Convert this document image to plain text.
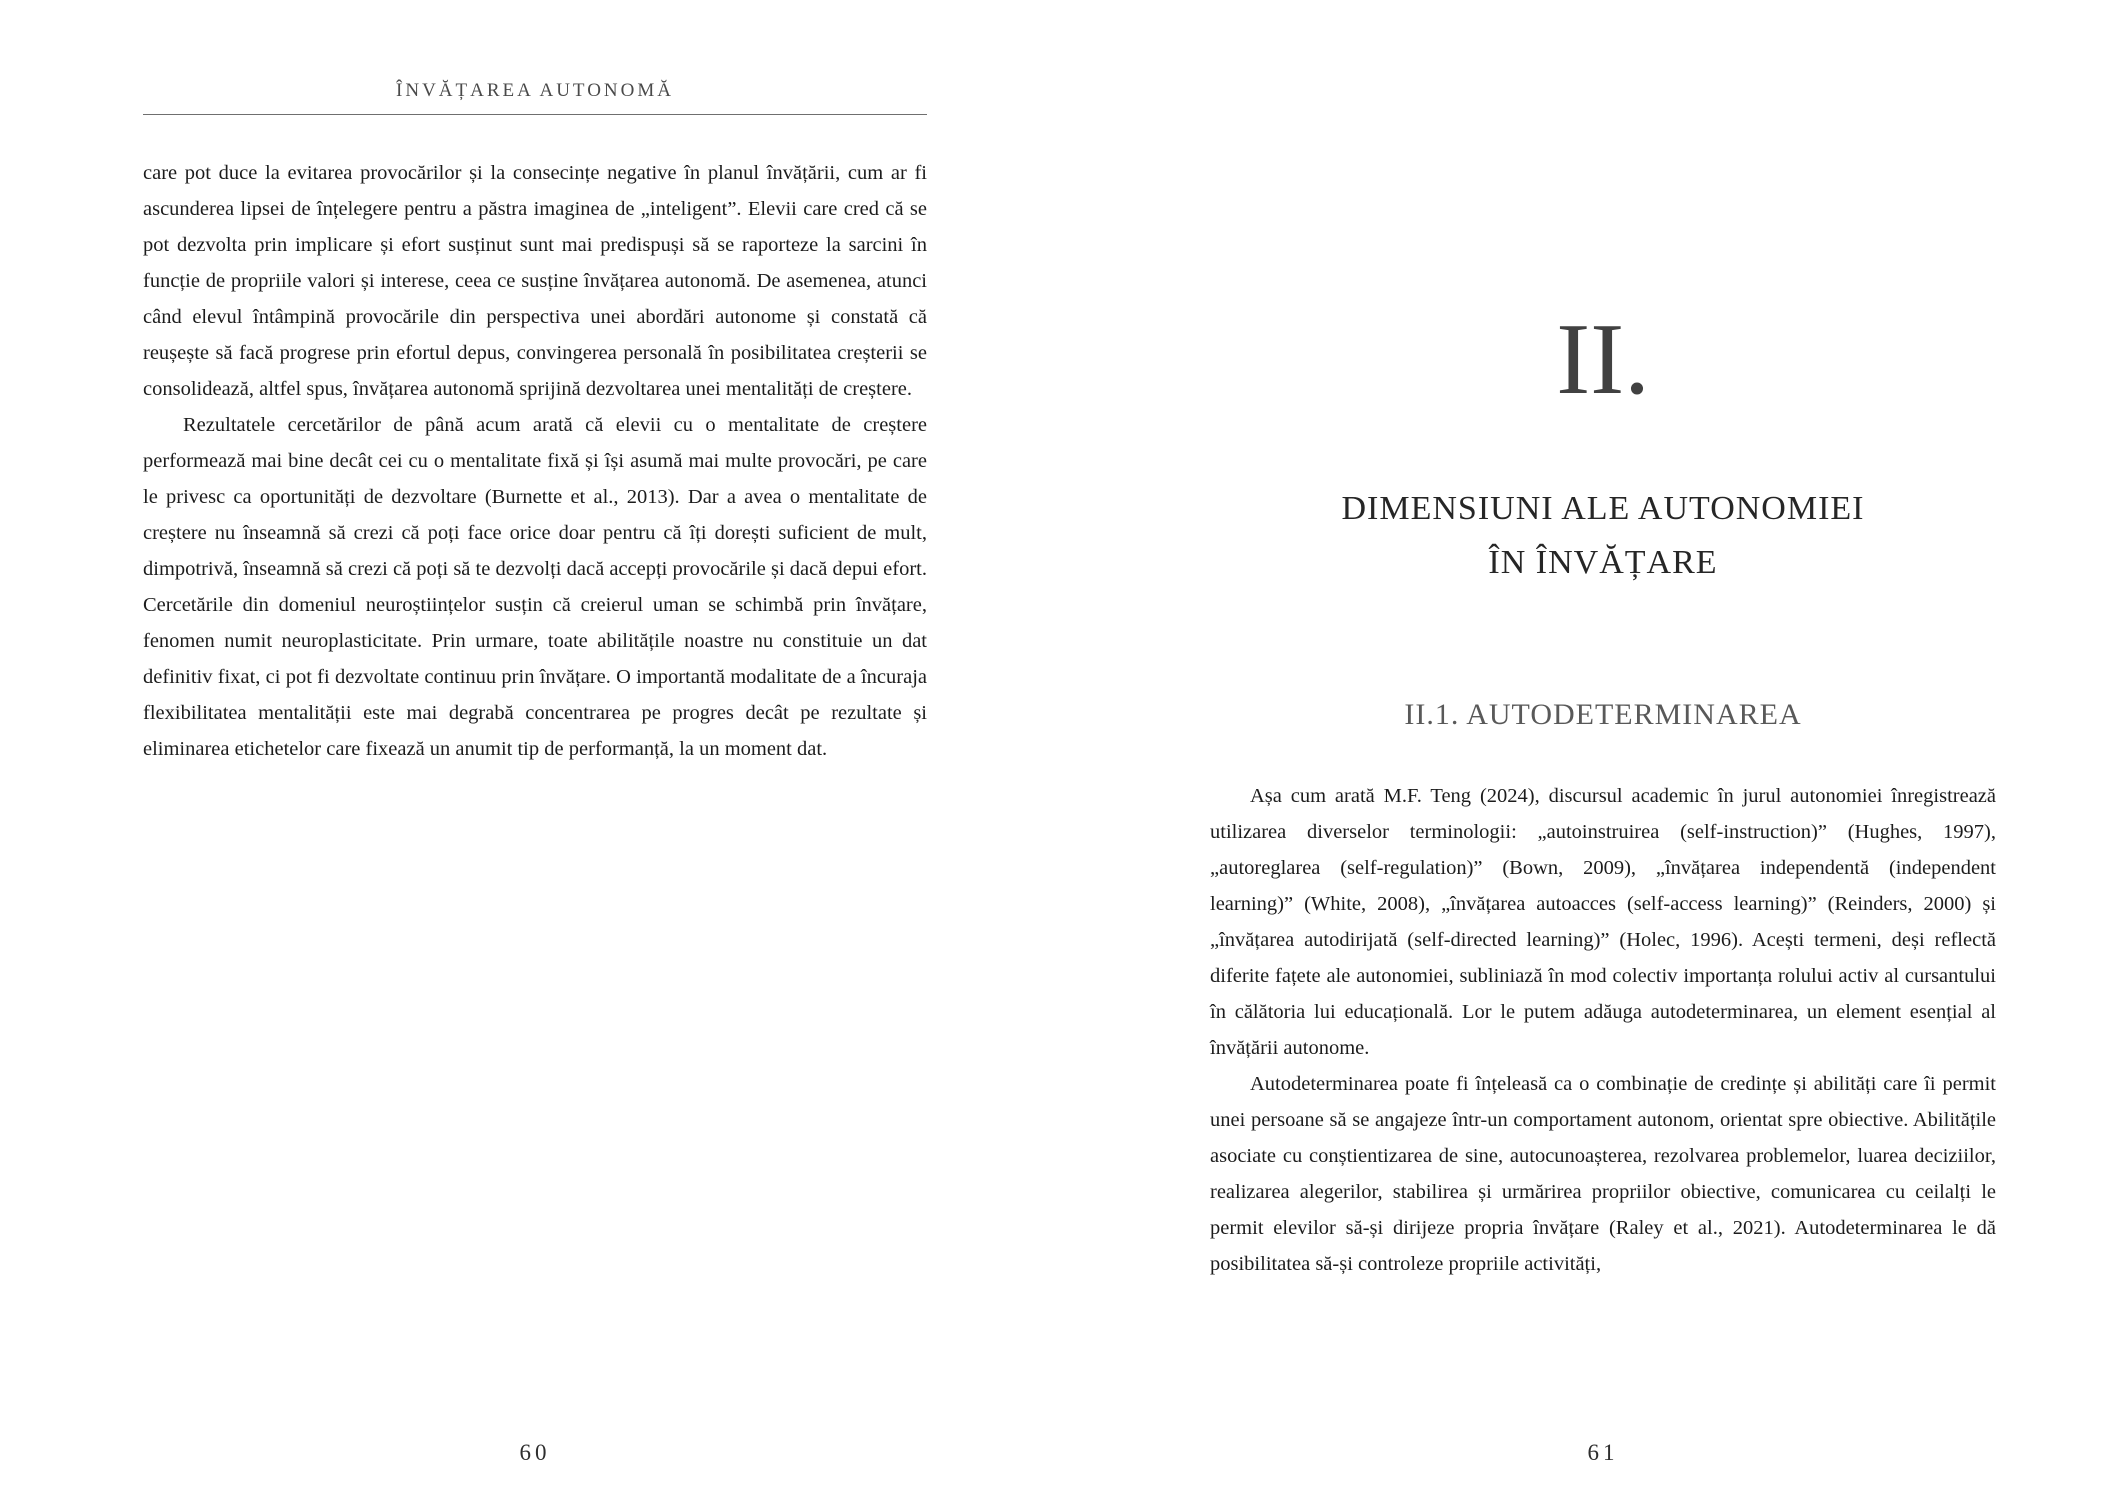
ÎNVĂȚAREA AUTONOMĂ

care pot duce la evitarea provocărilor și la consecințe negative în planul învățării, cum ar fi ascunderea lipsei de înțelegere pentru a păstra imaginea de „inteligent”. Elevii care cred că se pot dezvolta prin implicare și efort susținut sunt mai predispuși să se raporteze la sarcini în funcție de propriile valori și interese, ceea ce susține învățarea autonomă. De asemenea, atunci când elevul întâmpină provocările din perspectiva unei abordări autonome și constată că reușește să facă progrese prin efortul depus, convingerea personală în posibilitatea creșterii se consolidează, altfel spus, învățarea autonomă sprijină dezvoltarea unei mentalități de creștere.

Rezultatele cercetărilor de până acum arată că elevii cu o mentalitate de creștere performează mai bine decât cei cu o mentalitate fixă și își asumă mai multe provocări, pe care le privesc ca oportunități de dezvoltare (Burnette et al., 2013). Dar a avea o mentalitate de creștere nu înseamnă să crezi că poți face orice doar pentru că îți dorești suficient de mult, dimpotrivă, înseamnă să crezi că poți să te dezvolți dacă accepți provocările și dacă depui efort. Cercetările din domeniul neuroștiințelor susțin că creierul uman se schimbă prin învățare, fenomen numit neuroplasticitate. Prin urmare, toate abilitățile noastre nu constituie un dat definitiv fixat, ci pot fi dezvoltate continuu prin învățare. O importantă modalitate de a încuraja flexibilitatea mentalității este mai degrabă concentrarea pe progres decât pe rezultate și eliminarea etichetelor care fixează un anumit tip de performanță, la un moment dat.

60
II.
DIMENSIUNI ALE AUTONOMIEI
ÎN ÎNVĂȚARE
II.1. AUTODETERMINAREA

Așa cum arată M.F. Teng (2024), discursul academic în jurul autonomiei înregistrează utilizarea diverselor terminologii: „autoinstruirea (self-instruction)” (Hughes, 1997), „autoreglarea (self-regulation)” (Bown, 2009), „învățarea independentă (independent learning)” (White, 2008), „învățarea autoacces (self-access learning)” (Reinders, 2000) și „învățarea autodirijată (self-directed learning)” (Holec, 1996). Acești termeni, deși reflectă diferite fațete ale autonomiei, subliniază în mod colectiv importanța rolului activ al cursantului în călătoria lui educațională. Lor le putem adăuga autodeterminarea, un element esențial al învățării autonome.

Autodeterminarea poate fi înțeleasă ca o combinație de credințe și abilități care îi permit unei persoane să se angajeze într-un comportament autonom, orientat spre obiective. Abilitățile asociate cu conștientizarea de sine, autocunoașterea, rezolvarea problemelor, luarea deciziilor, realizarea alegerilor, stabilirea și urmărirea propriilor obiective, comunicarea cu ceilalți le permit elevilor să-și dirijeze propria învățare (Raley et al., 2021). Autodeterminarea le dă posibilitatea să-și controleze propriile activități,

61
